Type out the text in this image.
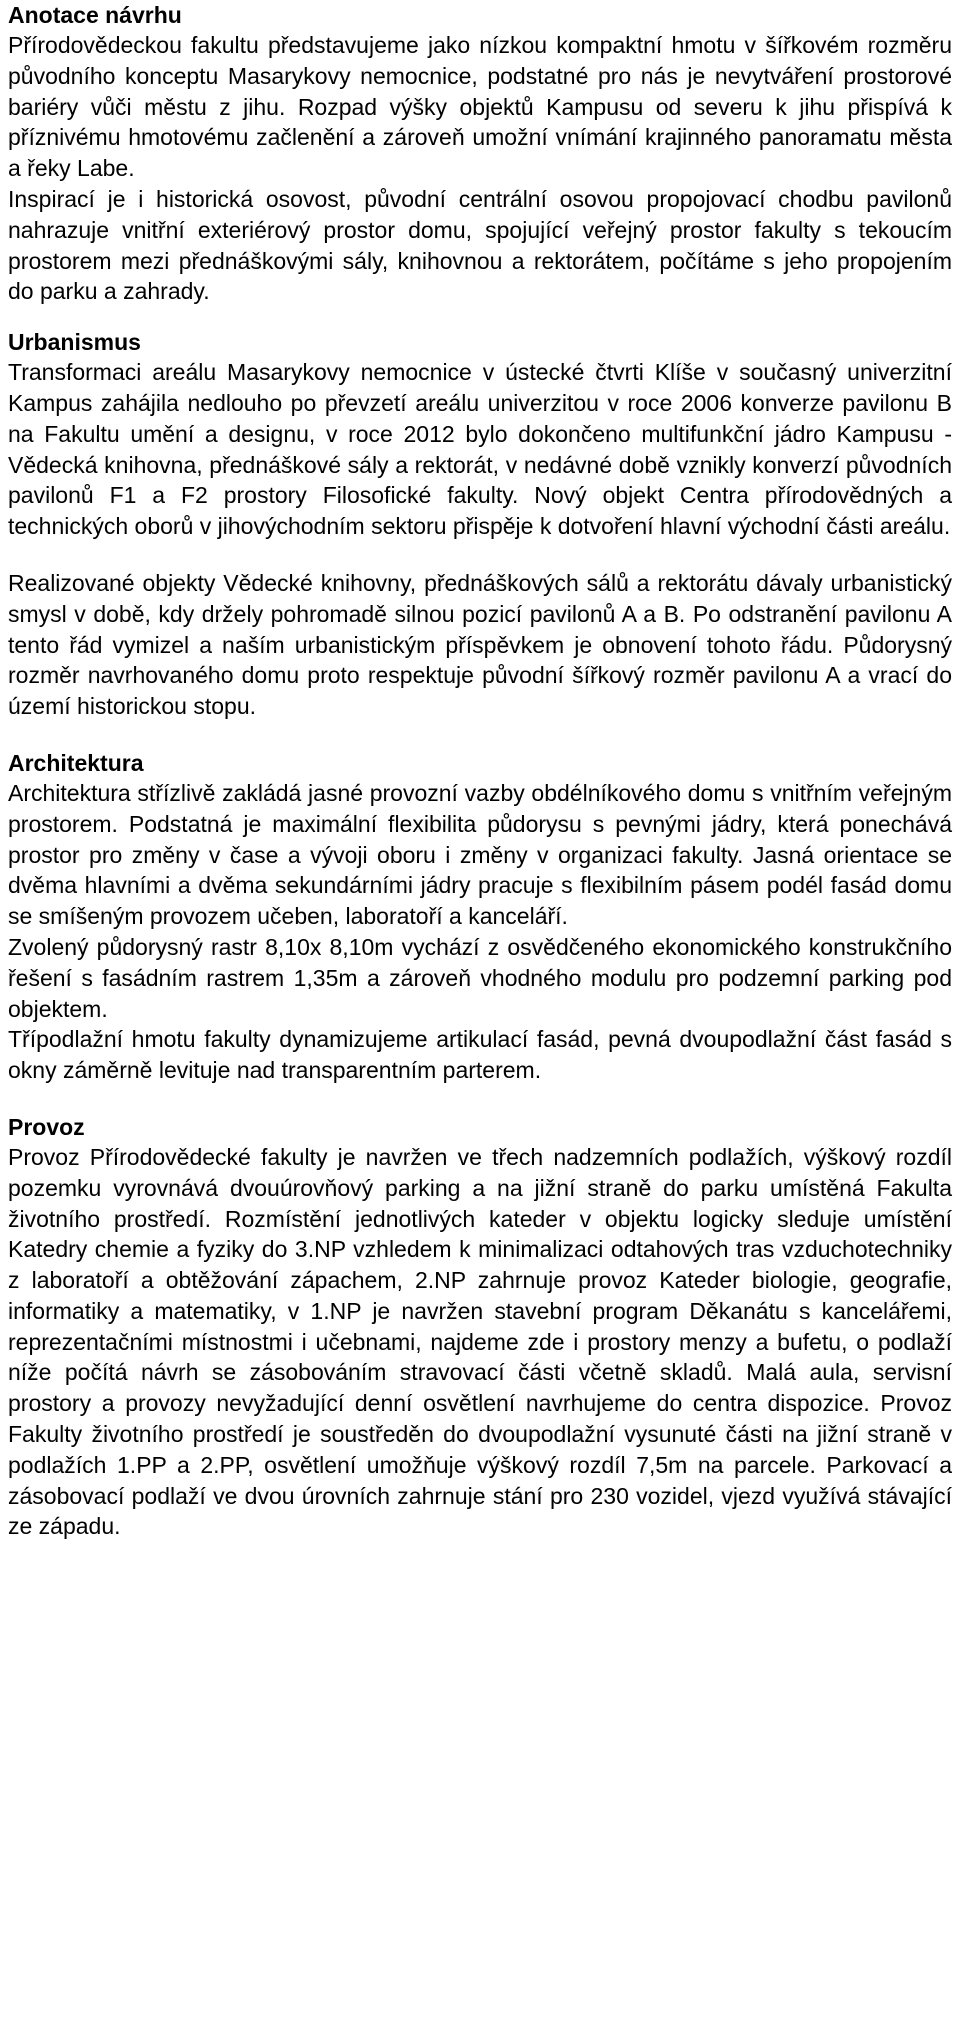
Anotace návrhu

Přírodovědeckou fakultu představujeme jako nízkou kompaktní hmotu v šířkovém rozměru původního konceptu Masarykovy nemocnice, podstatné pro nás je nevytváření prostorové bariéry vůči městu z jihu. Rozpad výšky objektů Kampusu od severu k jihu přispívá k příznivému hmotovému začlenění a zároveň umožní vnímání krajinného panoramatu města a řeky Labe.

Inspirací je i historická osovost, původní centrální osovou propojovací chodbu pavilonů nahrazuje vnitřní exteriérový prostor domu, spojující veřejný prostor fakulty s tekoucím prostorem mezi přednáškovými sály, knihovnou a rektorátem, počítáme s jeho propojením do parku a zahrady.

Urbanismus

Transformaci areálu Masarykovy nemocnice v ústecké čtvrti Klíše v současný univerzitní Kampus zahájila nedlouho po převzetí areálu univerzitou v roce 2006 konverze pavilonu B na Fakultu umění a designu, v roce 2012 bylo dokončeno multifunkční jádro Kampusu - Vědecká knihovna, přednáškové sály a rektorát, v nedávné době vznikly konverzí původních pavilonů F1 a F2 prostory Filosofické fakulty. Nový objekt Centra přírodovědných a technických oborů v jihovýchodním sektoru přispěje k dotvoření hlavní východní části areálu.

Realizované objekty Vědecké knihovny, přednáškových sálů a rektorátu dávaly urbanistický smysl v době, kdy držely pohromadě silnou pozicí pavilonů A a B. Po odstranění pavilonu A tento řád vymizel a naším urbanistickým příspěvkem je obnovení tohoto řádu. Půdorysný rozměr navrhovaného domu proto respektuje původní šířkový rozměr pavilonu A a vrací do území historickou stopu.

Architektura

Architektura střízlivě zakládá jasné provozní vazby obdélníkového domu s vnitřním veřejným prostorem. Podstatná je maximální flexibilita půdorysu s pevnými jádry, která ponechává prostor pro změny v čase a vývoji oboru i změny v organizaci fakulty. Jasná orientace se dvěma hlavními a dvěma sekundárními jádry pracuje s flexibilním pásem podél fasád domu se smíšeným provozem učeben, laboratoří a kanceláří.

Zvolený půdorysný rastr 8,10x 8,10m vychází z osvědčeného ekonomického konstrukčního řešení s fasádním rastrem 1,35m a zároveň vhodného modulu pro podzemní parking pod objektem.

Třípodlažní hmotu fakulty dynamizujeme artikulací fasád, pevná dvoupodlažní část fasád s okny záměrně levituje nad transparentním parterem.

Provoz

Provoz Přírodovědecké fakulty je navržen ve třech nadzemních podlažích, výškový rozdíl pozemku vyrovnává dvouúrovňový parking a na jižní straně do parku umístěná Fakulta životního prostředí. Rozmístění jednotlivých kateder v objektu logicky sleduje umístění Katedry chemie a fyziky do 3.NP vzhledem k minimalizaci odtahových tras vzduchotechniky z laboratoří a obtěžování zápachem, 2.NP zahrnuje provoz Kateder biologie, geografie, informatiky a matematiky, v 1.NP je navržen stavební program Děkanátu s kancelářemi, reprezentačními místnostmi i učebnami, najdeme zde i prostory menzy a bufetu, o podlaží níže počítá návrh se zásobováním stravovací části včetně skladů. Malá aula, servisní prostory a provozy nevyžadující denní osvětlení navrhujeme do centra dispozice. Provoz Fakulty životního prostředí je soustředěn do dvoupodlažní vysunuté části na jižní straně v podlažích 1.PP a 2.PP, osvětlení umožňuje výškový rozdíl 7,5m na parcele. Parkovací a zásobovací podlaží ve dvou úrovních zahrnuje stání pro 230 vozidel, vjezd využívá stávající ze západu.
